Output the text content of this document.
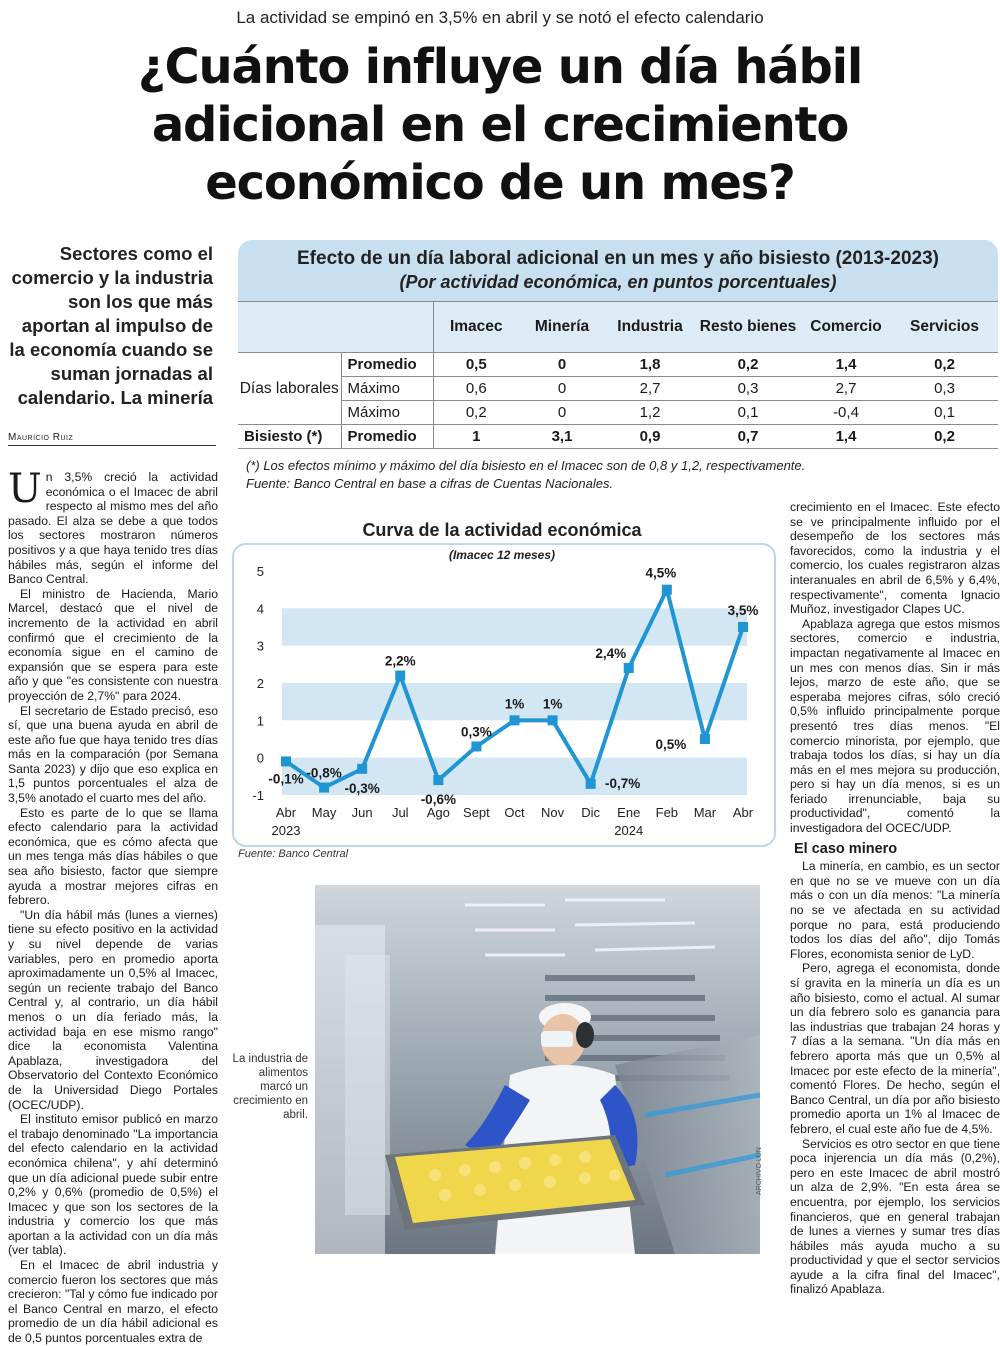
La actividad se empinó en 3,5% en abril y se notó el efecto calendario
¿Cuánto influye un día hábil adicional en el crecimiento económico de un mes?
Sectores como el comercio y la industria son los que más aportan al impulso de la economía cuando se suman jornadas al calendario. La minería
Mauricio Ruiz

Un 3,5% creció la actividad económica o el Imacec de abril respecto al mismo mes del año pasado. El alza se debe a que todos los sectores mostraron números positivos y a que haya tenido tres días hábiles más, según el informe del Banco Central.

El ministro de Hacienda, Mario Marcel, destacó que el nivel de incremento de la actividad en abril confirmó que el crecimiento de la economía sigue en el camino de expansión que se espera para este año y que "es consistente con nuestra proyección de 2,7%" para 2024.

El secretario de Estado precisó, eso sí, que una buena ayuda en abril de este año fue que haya tenido tres días más en la comparación (por Semana Santa 2023) y dijo que eso explica en 1,5 puntos porcentuales el alza de 3,5% anotado el cuarto mes del año.

Esto es parte de lo que se llama efecto calendario para la actividad económica, que es cómo afecta que un mes tenga más días hábiles o que sea año bisiesto, factor que siempre ayuda a mostrar mejores cifras en febrero.

"Un día hábil más (lunes a viernes) tiene su efecto positivo en la actividad y su nivel depende de varias variables, pero en promedio aporta aproximadamente un 0,5% al Imacec, según un reciente trabajo del Banco Central y, al contrario, un día hábil menos o un día feriado más, la actividad baja en ese mismo rango" dice la economista Valentina Apablaza, investigadora del Observatorio del Contexto Económico de la Universidad Diego Portales (OCEC/UDP).

El instituto emisor publicó en marzo el trabajo denominado "La importancia del efecto calendario en la actividad económica chilena", y ahí determinó que un día adicional puede subir entre 0,2% y 0,6% (promedio de 0,5%) el Imacec y que son los sectores de la industria y comercio los que más aportan a la actividad con un día más (ver tabla).

En el Imacec de abril industria y comercio fueron los sectores que más crecieron: "Tal y cómo fue indicado por el Banco Central en marzo, el efecto promedio de un día hábil adicional es de 0,5 puntos porcentuales extra de

Efecto de un día laboral adicional en un mes y año bisiesto (2013-2023)
(Por actividad económica, en puntos porcentuales)
		Imacec	Minería	Industria	Resto bienes	Comercio	Servicios
Días laborales	Promedio	0,5	0	1,8	0,2	1,4	0,2
	Máximo	0,6	0	2,7	0,3	2,7	0,3
	Máximo	0,2	0	1,2	0,1	-0,4	0,1
Bisiesto (*)	Promedio	1	3,1	0,9	0,7	1,4	0,2
(*) Los efectos mínimo y máximo del día bisiesto en el Imacec son de 0,8 y 1,2, respectivamente.
Fuente: Banco Central en base a cifras de Cuentas Nacionales.
Curva de la actividad económica
(Imacec 12 meses)
-1
0
1
2
3
4
5
-0,1% -0,8%
-0,3%
2,2%
-0,6%
0,3%
1% 1%
-0,7%
2,4%
4,5%
0,5%
3,5%
Abr May Jun Jul Ago Sept Oct Nov Dic Ene Feb Mar Abr
2023	2024
Fuente: Banco Central

crecimiento en el Imacec. Este efecto se ve principalmente influido por el desempeño de los sectores más favorecidos, como la industria y el comercio, los cuales registraron alzas interanuales en abril de 6,5% y 6,4%, respectivamente", comenta Ignacio Muñoz, investigador Clapes UC.

Apablaza agrega que estos mismos sectores, comercio e industria, impactan negativamente al Imacec en un mes con menos días. Sin ir más lejos, marzo de este año, que se esperaba mejores cifras, sólo creció 0,5% influido principalmente porque presentó tres días menos. "El comercio minorista, por ejemplo, que trabaja todos los días, si hay un día más en el mes mejora su producción, pero si hay un día menos, si es un feriado irrenunciable, baja su productividad", comentó la investigadora del OCEC/UDP.

El caso minero

La minería, en cambio, es un sector en que no se ve mueve con un día más o con un día menos: "La minería no se ve afectada en su actividad porque no para, está produciendo todos los días del año", dijo Tomás Flores, economista senior de LyD.

Pero, agrega el economista, donde sí gravita en la minería un día es un año bisiesto, como el actual. Al sumar un día febrero solo es ganancia para las industrias que trabajan 24 horas y 7 días a la semana. "Un día más en febrero aporta más que un 0,5% al Imacec por este efecto de la minería", comentó Flores. De hecho, según el Banco Central, un día por año bisiesto promedio aporta un 1% al Imacec de febrero, el cual este año fue de 4,5%.

Servicios es otro sector en que tiene poca injerencia un día más (0,2%), pero en este Imacec de abril mostró un alza de 2,9%. "En esta área se encuentra, por ejemplo, los servicios financieros, que en general trabajan de lunes a viernes y sumar tres días hábiles más ayuda mucho a su productividad y que el sector servicios ayude a la cifra final del Imacec", finalizó Apablaza.

La industria de alimentos marcó un crecimiento en abril.
ARCHIVO LUN
